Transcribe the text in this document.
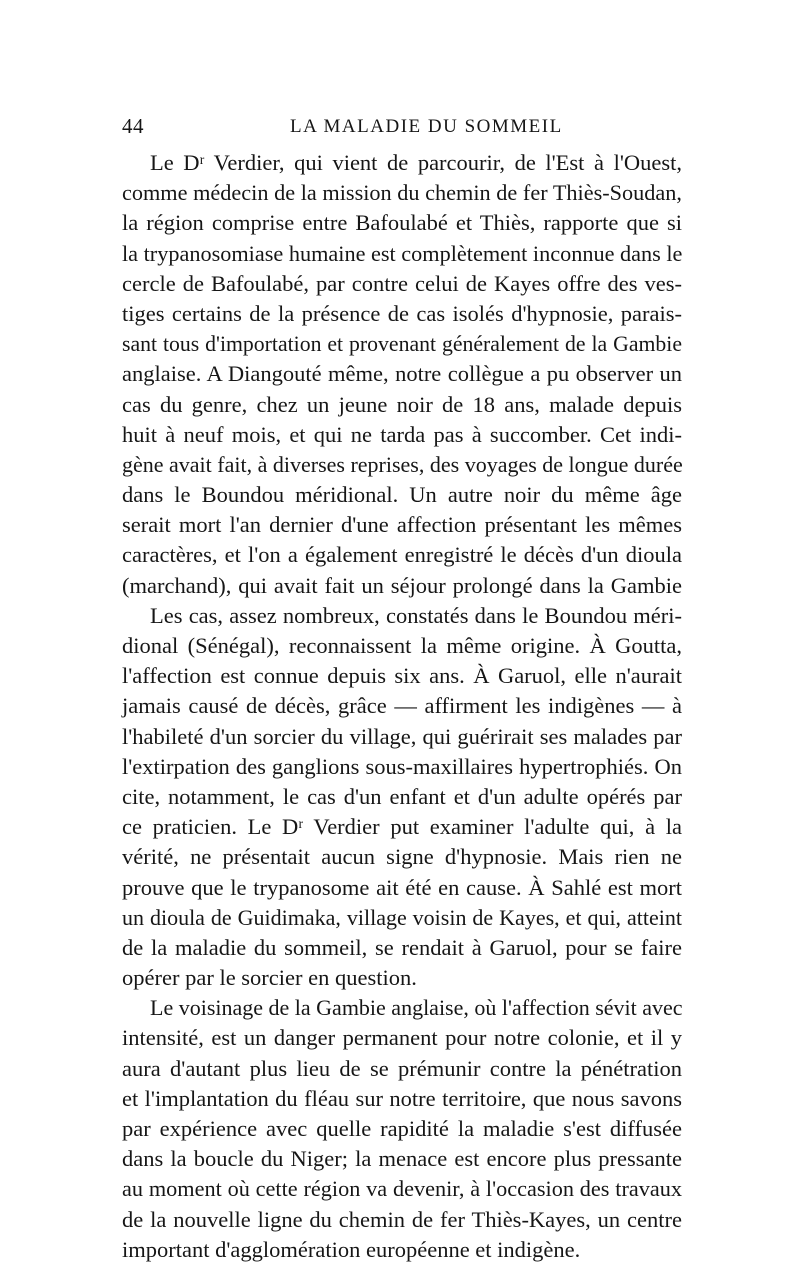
44	LA MALADIE DU SOMMEIL
Le Dʳ Verdier, qui vient de parcourir, de l'Est à l'Ouest,
comme médecin de la mission du chemin de fer Thiès-Soudan,
la région comprise entre Bafoulabé et Thiès, rapporte que si
la trypanosomiase humaine est complètement inconnue dans le
cercle de Bafoulabé, par contre celui de Kayes offre des ves-
tiges certains de la présence de cas isolés d'hypnosie, parais-
sant tous d'importation et provenant généralement de la Gambie
anglaise. A Diangouté même, notre collègue a pu observer un
cas du genre, chez un jeune noir de 18 ans, malade depuis
huit à neuf mois, et qui ne tarda pas à succomber. Cet indi-
gène avait fait, à diverses reprises, des voyages de longue durée
dans le Boundou méridional. Un autre noir du même âge
serait mort l'an dernier d'une affection présentant les mêmes
caractères, et l'on a également enregistré le décès d'un dioula
(marchand), qui avait fait un séjour prolongé dans la Gambie
Les cas, assez nombreux, constatés dans le Boundou méri-
dional (Sénégal), reconnaissent la même origine. À Goutta,
l'affection est connue depuis six ans. À Garuol, elle n'aurait
jamais causé de décès, grâce — affirment les indigènes — à
l'habileté d'un sorcier du village, qui guérirait ses malades par
l'extirpation des ganglions sous-maxillaires hypertrophiés. On
cite, notamment, le cas d'un enfant et d'un adulte opérés par
ce praticien. Le Dʳ Verdier put examiner l'adulte qui, à la
vérité, ne présentait aucun signe d'hypnosie. Mais rien ne
prouve que le trypanosome ait été en cause. À Sahlé est mort
un dioula de Guidimaka, village voisin de Kayes, et qui, atteint
de la maladie du sommeil, se rendait à Garuol, pour se faire
opérer par le sorcier en question.
Le voisinage de la Gambie anglaise, où l'affection sévit avec
intensité, est un danger permanent pour notre colonie, et il y
aura d'autant plus lieu de se prémunir contre la pénétration
et l'implantation du fléau sur notre territoire, que nous savons
par expérience avec quelle rapidité la maladie s'est diffusée
dans la boucle du Niger; la menace est encore plus pressante
au moment où cette région va devenir, à l'occasion des travaux
de la nouvelle ligne du chemin de fer Thiès-Kayes, un centre
important d'agglomération européenne et indigène.
